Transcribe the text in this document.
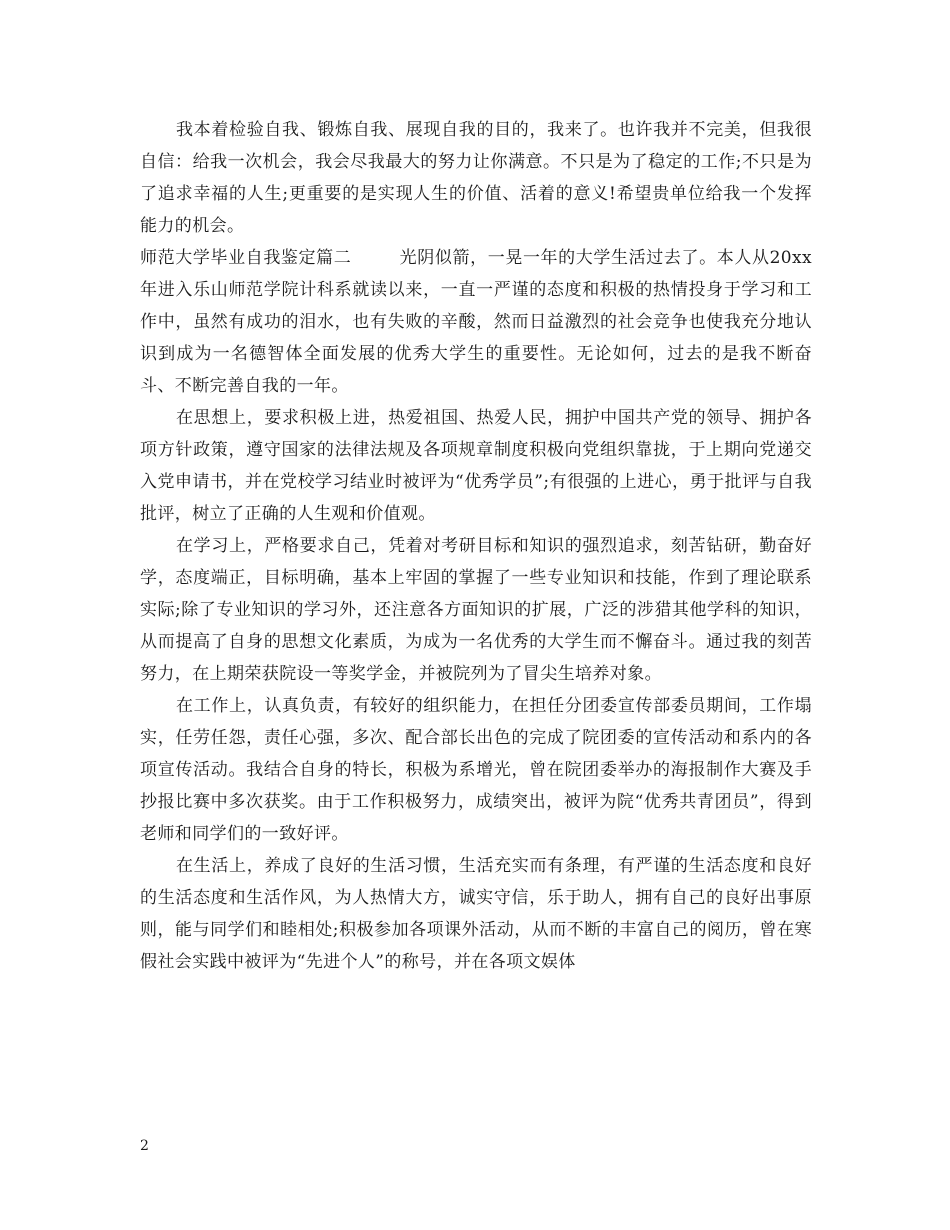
我本着检验自我、锻炼自我、展现自我的目的，我来了。也许我并不完美，但我很自信：给我一次机会，我会尽我最大的努力让你满意。不只是为了稳定的工作;不只是为了追求幸福的人生;更重要的是实现人生的价值、活着的意义!希望贵单位给我一个发挥能力的机会。

师范大学毕业自我鉴定篇二	光阴似箭，一晃一年的大学生活过去了。本人从20xx年进入乐山师范学院计科系就读以来，一直一严谨的态度和积极的热情投身于学习和工作中，虽然有成功的泪水，也有失败的辛酸，然而日益激烈的社会竞争也使我充分地认识到成为一名德智体全面发展的优秀大学生的重要性。无论如何，过去的是我不断奋斗、不断完善自我的一年。

在思想上，要求积极上进，热爱祖国、热爱人民，拥护中国共产党的领导、拥护各项方针政策，遵守国家的法律法规及各项规章制度积极向党组织靠拢，于上期向党递交入党申请书，并在党校学习结业时被评为“优秀学员”;有很强的上进心，勇于批评与自我批评，树立了正确的人生观和价值观。

在学习上，严格要求自己，凭着对考研目标和知识的强烈追求，刻苦钻研，勤奋好学，态度端正，目标明确，基本上牢固的掌握了一些专业知识和技能，作到了理论联系实际;除了专业知识的学习外，还注意各方面知识的扩展，广泛的涉猎其他学科的知识，从而提高了自身的思想文化素质，为成为一名优秀的大学生而不懈奋斗。通过我的刻苦努力，在上期荣获院设一等奖学金，并被院列为了冒尖生培养对象。

在工作上，认真负责，有较好的组织能力，在担任分团委宣传部委员期间，工作塌实，任劳任怨，责任心强，多次、配合部长出色的完成了院团委的宣传活动和系内的各项宣传活动。我结合自身的特长，积极为系增光，曾在院团委举办的海报制作大赛及手抄报比赛中多次获奖。由于工作积极努力，成绩突出，被评为院“优秀共青团员”，得到老师和同学们的一致好评。

在生活上，养成了良好的生活习惯，生活充实而有条理，有严谨的生活态度和良好的生活态度和生活作风，为人热情大方，诚实守信，乐于助人，拥有自己的良好出事原则，能与同学们和睦相处;积极参加各项课外活动，从而不断的丰富自己的阅历，曾在寒假社会实践中被评为“先进个人”的称号，并在各项文娱体

2
